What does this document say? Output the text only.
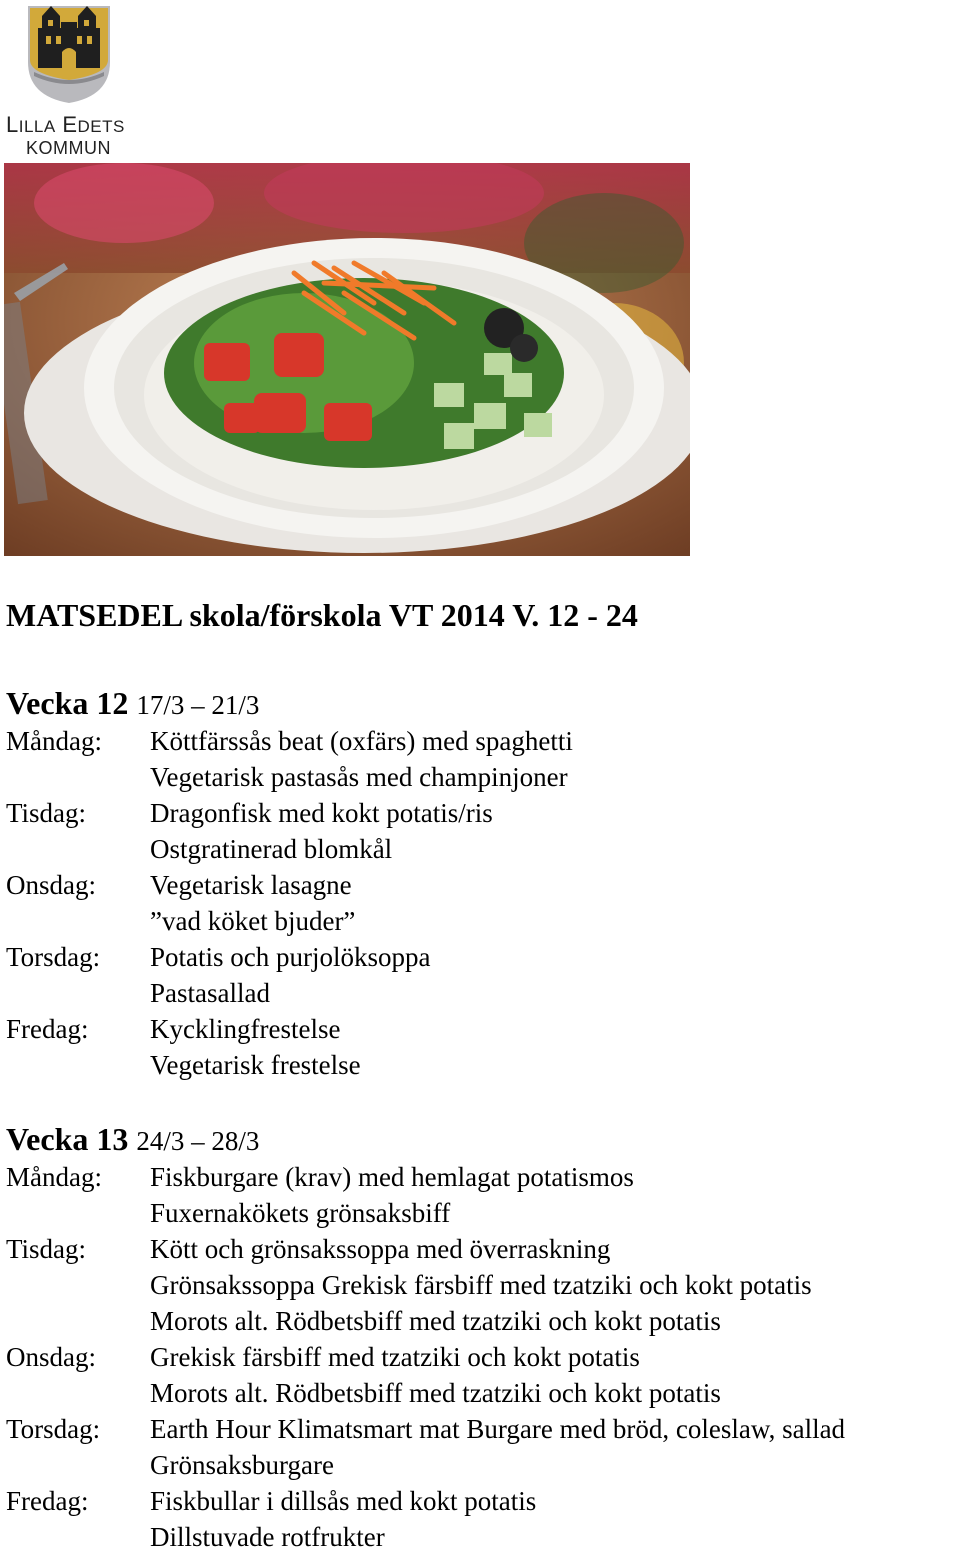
LILLA EDETS
KOMMUN
MATSEDEL skola/förskola VT 2014 V. 12 - 24
Vecka 12 17/3 – 21/3
Måndag: Köttfärssås beat (oxfärs) med spaghetti
Vegetarisk pastasås med champinjoner
Tisdag: Dragonfisk med kokt potatis/ris
Ostgratinerad blomkål
Onsdag: Vegetarisk lasagne
”vad köket bjuder”
Torsdag: Potatis och purjolöksoppa
Pastasallad
Fredag: Kycklingfrestelse
Vegetarisk frestelse
Vecka 13 24/3 – 28/3
Måndag: Fiskburgare (krav) med hemlagat potatismos
Fuxernakökets grönsaksbiff
Tisdag: Kött och grönsakssoppa med överraskning
Grönsakssoppa Grekisk färsbiff med tzatziki och kokt potatis
Morots alt. Rödbetsbiff med tzatziki och kokt potatis
Onsdag: Grekisk färsbiff med tzatziki och kokt potatis
Morots alt. Rödbetsbiff med tzatziki och kokt potatis
Torsdag: Earth Hour Klimatsmart mat Burgare med bröd, coleslaw, sallad
Grönsaksburgare
Fredag: Fiskbullar i dillsås med kokt potatis
Dillstuvade rotfrukter
